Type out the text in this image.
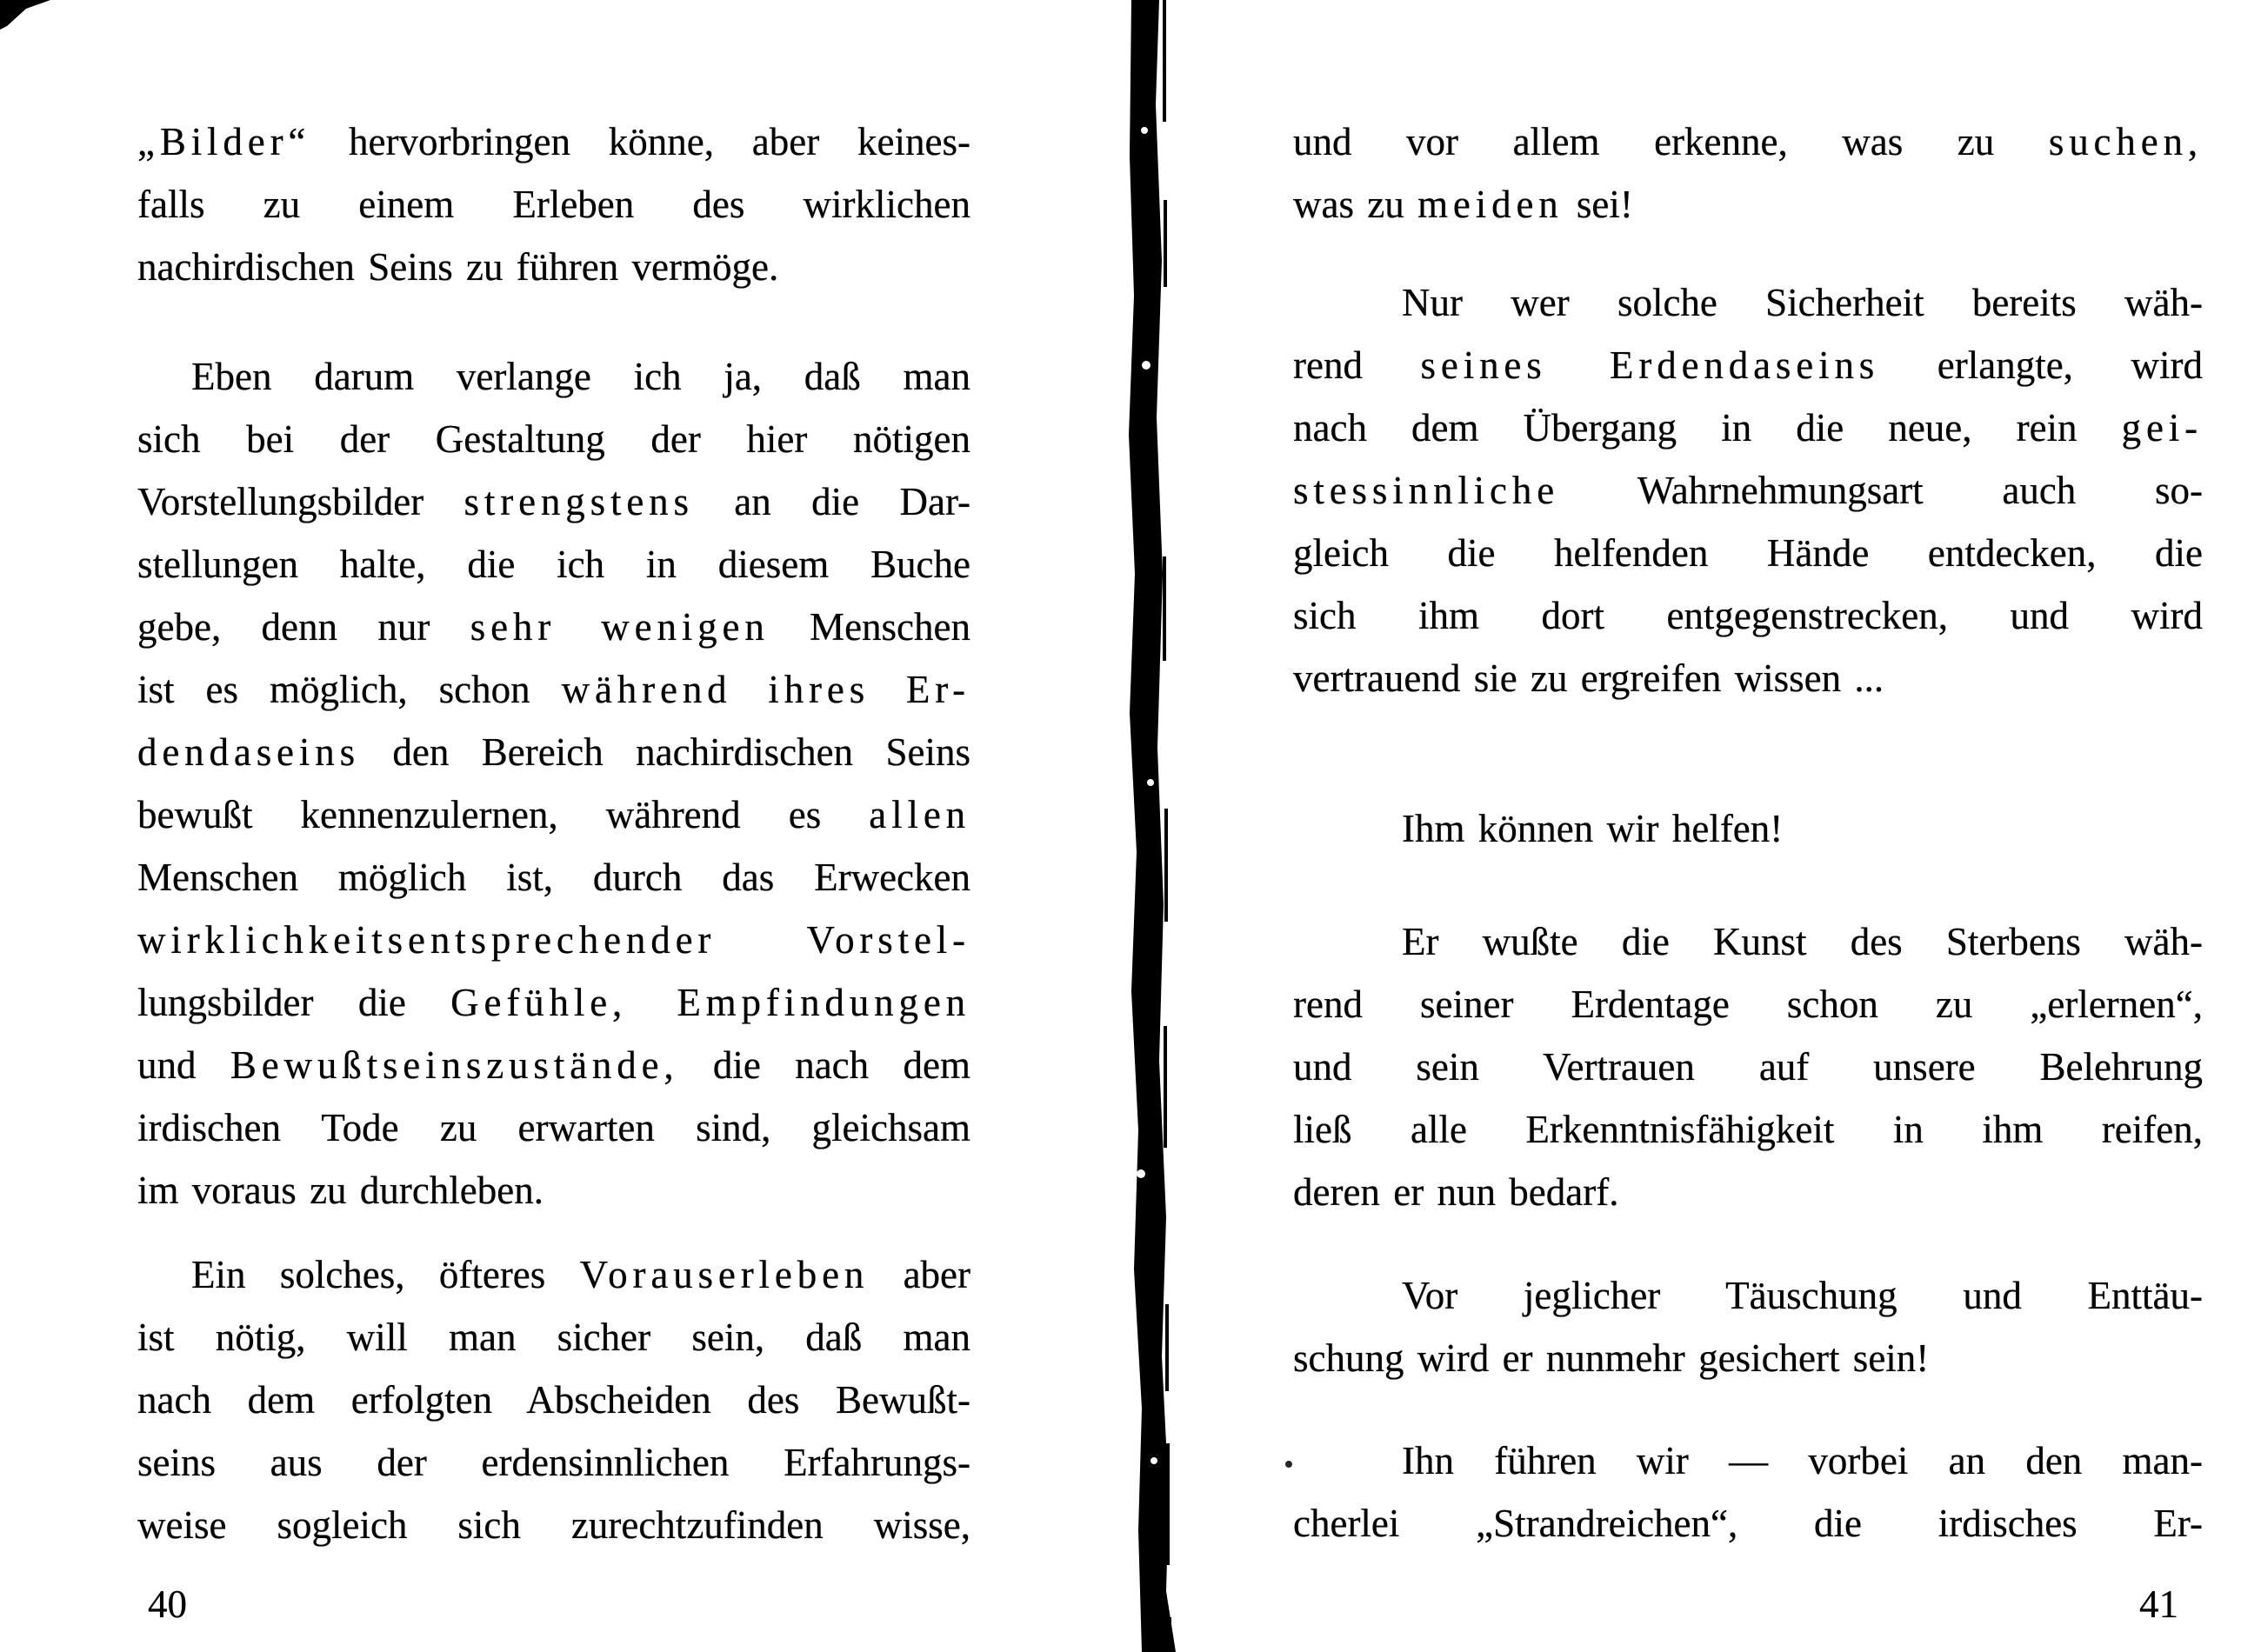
„Bilder“ hervorbringen könne, aber keines-
falls zu einem Erleben des wirklichen
nachirdischen Seins zu führen vermöge.
Eben darum verlange ich ja, daß man
sich bei der Gestaltung der hier nötigen
Vorstellungsbilder strengstens an die Dar-
stellungen halte, die ich in diesem Buche
gebe, denn nur sehr wenigen Menschen
ist es möglich, schon während ihres Er-
dendaseins den Bereich nachirdischen Seins
bewußt kennenzulernen, während es allen
Menschen möglich ist, durch das Erwecken
wirklichkeitsentsprechender Vorstel-
lungsbilder die Gefühle, Empfindungen
und Bewußtseinszustände, die nach dem
irdischen Tode zu erwarten sind, gleichsam
im voraus zu durchleben.
Ein solches, öfteres Vorauserleben aber
ist nötig, will man sicher sein, daß man
nach dem erfolgten Abscheiden des Bewußt-
seins aus der erdensinnlichen Erfahrungs-
weise sogleich sich zurechtzufinden wisse,
40
und vor allem erkenne, was zu suchen,
was zu meiden sei!
Nur wer solche Sicherheit bereits wäh-
rend seines Erdendaseins erlangte, wird
nach dem Übergang in die neue, rein gei-
stessinnliche Wahrnehmungsart auch so-
gleich die helfenden Hände entdecken, die
sich ihm dort entgegenstrecken, und wird
vertrauend sie zu ergreifen wissen ...
Ihm können wir helfen!
Er wußte die Kunst des Sterbens wäh-
rend seiner Erdentage schon zu „erlernen“,
und sein Vertrauen auf unsere Belehrung
ließ alle Erkenntnisfähigkeit in ihm reifen,
deren er nun bedarf.
Vor jeglicher Täuschung und Enttäu-
schung wird er nunmehr gesichert sein!
Ihn führen wir — vorbei an den man-
cherlei „Strandreichen“, die irdisches Er-
41
